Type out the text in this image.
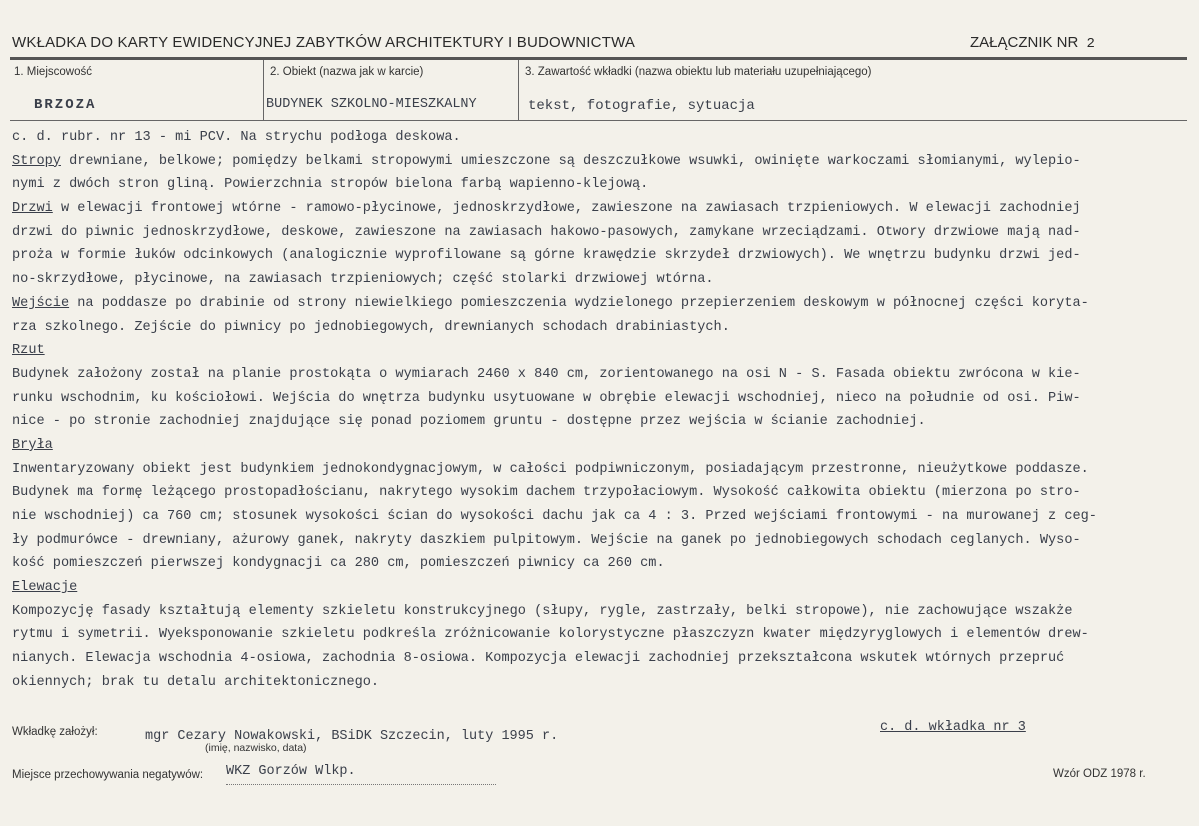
WKŁADKA DO KARTY EWIDENCYJNEJ ZABYTKÓW ARCHITEKTURY I BUDOWNICTWA	ZAŁĄCZNIK NR 2
1. Miejscowość	2. Obiekt (nazwa jak w karcie)	3. Zawartość wkładki (nazwa obiektu lub materiału uzupełniającego)
BRZOZA	BUDYNEK SZKOLNO-MIESZKALNY	tekst, fotografie, sytuacja
c. d. rubr. nr 13 - mi PCV. Na strychu podłoga deskowa.
Stropy drewniane, belkowe; pomiędzy belkami stropowymi umieszczone są deszczułkowe wsuwki, owinięte warkoczami słomianymi, wylepio-
nymi z dwóch stron gliną. Powierzchnia stropów bielona farbą wapienno-klejową.
Drzwi w elewacji frontowej wtórne - ramowo-płycinowe, jednoskrzydłowe, zawieszone na zawiasach trzpieniowych. W elewacji zachodniej
drzwi do piwnic jednoskrzydłowe, deskowe, zawieszone na zawiasach hakowo-pasowych, zamykane wrzeciądzami. Otwory drzwiowe mają nad-
proża w formie łuków odcinkowych (analogicznie wyprofilowane są górne krawędzie skrzydeł drzwiowych). We wnętrzu budynku drzwi jed-
no-skrzydłowe, płycinowe, na zawiasach trzpieniowych; część stolarki drzwiowej wtórna.
Wejście na poddasze po drabinie od strony niewielkiego pomieszczenia wydzielonego przepierzeniem deskowym w północnej części koryta-
rza szkolnego. Zejście do piwnicy po jednobiegowych, drewnianych schodach drabiniastych.
Rzut
Budynek założony został na planie prostokąta o wymiarach 2460 x 840 cm, zorientowanego na osi N - S. Fasada obiektu zwrócona w kie-
runku wschodnim, ku kościołowi. Wejścia do wnętrza budynku usytuowane w obrębie elewacji wschodniej, nieco na południe od osi. Piw-
nice - po stronie zachodniej znajdujące się ponad poziomem gruntu - dostępne przez wejścia w ścianie zachodniej.
Bryła
Inwentaryzowany obiekt jest budynkiem jednokondygnacjowym, w całości podpiwniczonym, posiadającym przestronne, nieużytkowe poddasze.
Budynek ma formę leżącego prostopadłościanu, nakrytego wysokim dachem trzypołaciowym. Wysokość całkowita obiektu (mierzona po stro-
nie wschodniej) ca 760 cm; stosunek wysokości ścian do wysokości dachu jak ca 4 : 3. Przed wejściami frontowymi - na murowanej z ceg-
ły podmurówce - drewniany, ażurowy ganek, nakryty daszkiem pulpitowym. Wejście na ganek po jednobiegowych schodach ceglanych. Wyso-
kość pomieszczeń pierwszej kondygnacji ca 280 cm, pomieszczeń piwnicy ca 260 cm.
Elewacje
Kompozycję fasady kształtują elementy szkieletu konstrukcyjnego (słupy, rygle, zastrzały, belki stropowe), nie zachowujące wszakże
rytmu i symetrii. Wyeksponowanie szkieletu podkreśla zróżnicowanie kolorystyczne płaszczyzn kwater międzyryglowych i elementów drew-
nianych. Elewacja wschodnia 4-osiowa, zachodnia 8-osiowa. Kompozycja elewacji zachodniej przekształcona wskutek wtórnych przepruć
okiennych; brak tu detalu architektonicznego.
Wkładkę założył:	mgr Cezary Nowakowski, BSiDK Szczecin, luty 1995 r.
(imię, nazwisko, data)
c. d. wkładka nr 3
Miejsce przechowywania negatywów: WKZ Gorzów Wlkp.	Wzór ODZ 1978 r.
